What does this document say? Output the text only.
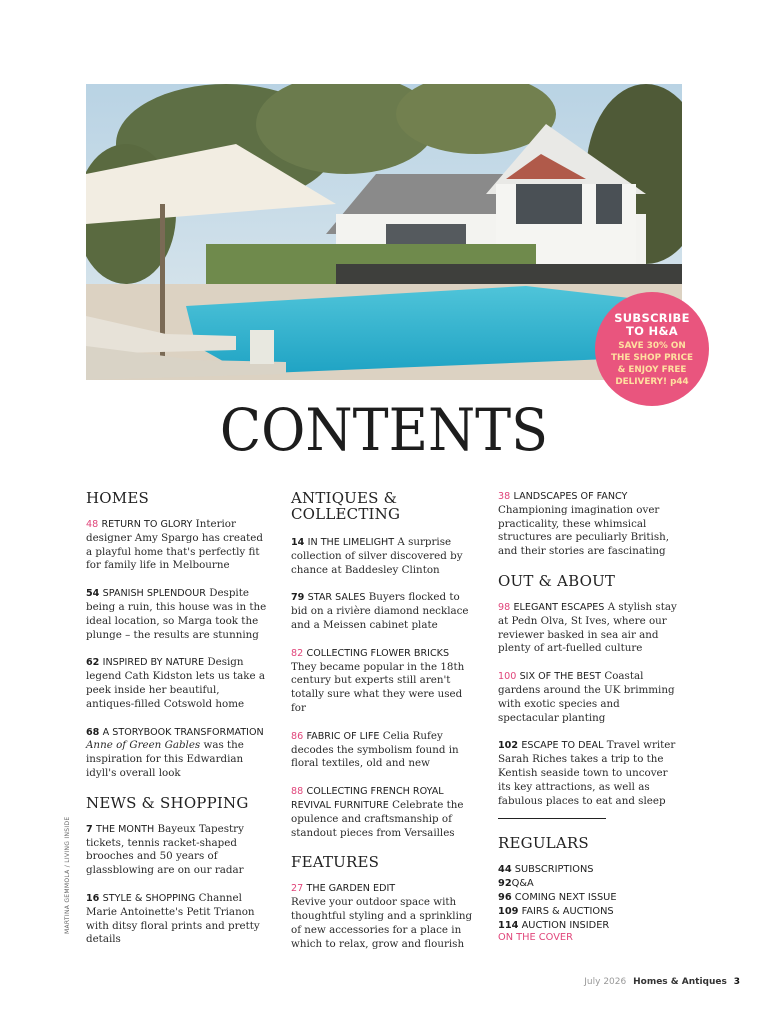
SUBSCRIBE
TO H&A
SAVE 30% ON
THE SHOP PRICE
& ENJOY FREE
DELIVERY! p44
CONTENTS
HOMES
48 RETURN TO GLORY Interior designer Amy Spargo has created a playful home that's perfectly fit for family life in Melbourne
54 SPANISH SPLENDOUR Despite being a ruin, this house was in the ideal location, so Marga took the plunge – the results are stunning
62 INSPIRED BY NATURE Design legend Cath Kidston lets us take a peek inside her beautiful, antiques-filled Cotswold home
68 A STORYBOOK TRANSFORMATION Anne of Green Gables was the inspiration for this Edwardian idyll's overall look
NEWS & SHOPPING
7 THE MONTH Bayeux Tapestry tickets, tennis racket-shaped brooches and 50 years of glassblowing are on our radar
16 STYLE & SHOPPING Channel Marie Antoinette's Petit Trianon with ditsy floral prints and pretty details
ANTIQUES &
COLLECTING
14 IN THE LIMELIGHT A surprise collection of silver discovered by chance at Baddesley Clinton
79 STAR SALES Buyers flocked to bid on a rivière diamond necklace and a Meissen cabinet plate
82 COLLECTING FLOWER BRICKS
They became popular in the 18th century but experts still aren't totally sure what they were used for
86 FABRIC OF LIFE Celia Rufey decodes the symbolism found in floral textiles, old and new
88 COLLECTING FRENCH ROYAL REVIVAL FURNITURE Celebrate the opulence and craftsmanship of standout pieces from Versailles
FEATURES
27 THE GARDEN EDIT
Revive your outdoor space with thoughtful styling and a sprinkling of new accessories for a place in which to relax, grow and flourish
38 LANDSCAPES OF FANCY
Championing imagination over practicality, these whimsical structures are peculiarly British, and their stories are fascinating
OUT & ABOUT
98 ELEGANT ESCAPES A stylish stay at Pedn Olva, St Ives, where our reviewer basked in sea air and plenty of art-fuelled culture
100 SIX OF THE BEST Coastal gardens around the UK brimming with exotic species and spectacular planting
102 ESCAPE TO DEAL Travel writer Sarah Riches takes a trip to the Kentish seaside town to uncover its key attractions, as well as fabulous places to eat and sleep
REGULARS
44 SUBSCRIPTIONS
92Q&A
96 COMING NEXT ISSUE
109 FAIRS & AUCTIONS
114 AUCTION INSIDER
ON THE COVER
MARTINA GEMMOLA / LIVING INSIDE
July 2026 Homes & Antiques 3
